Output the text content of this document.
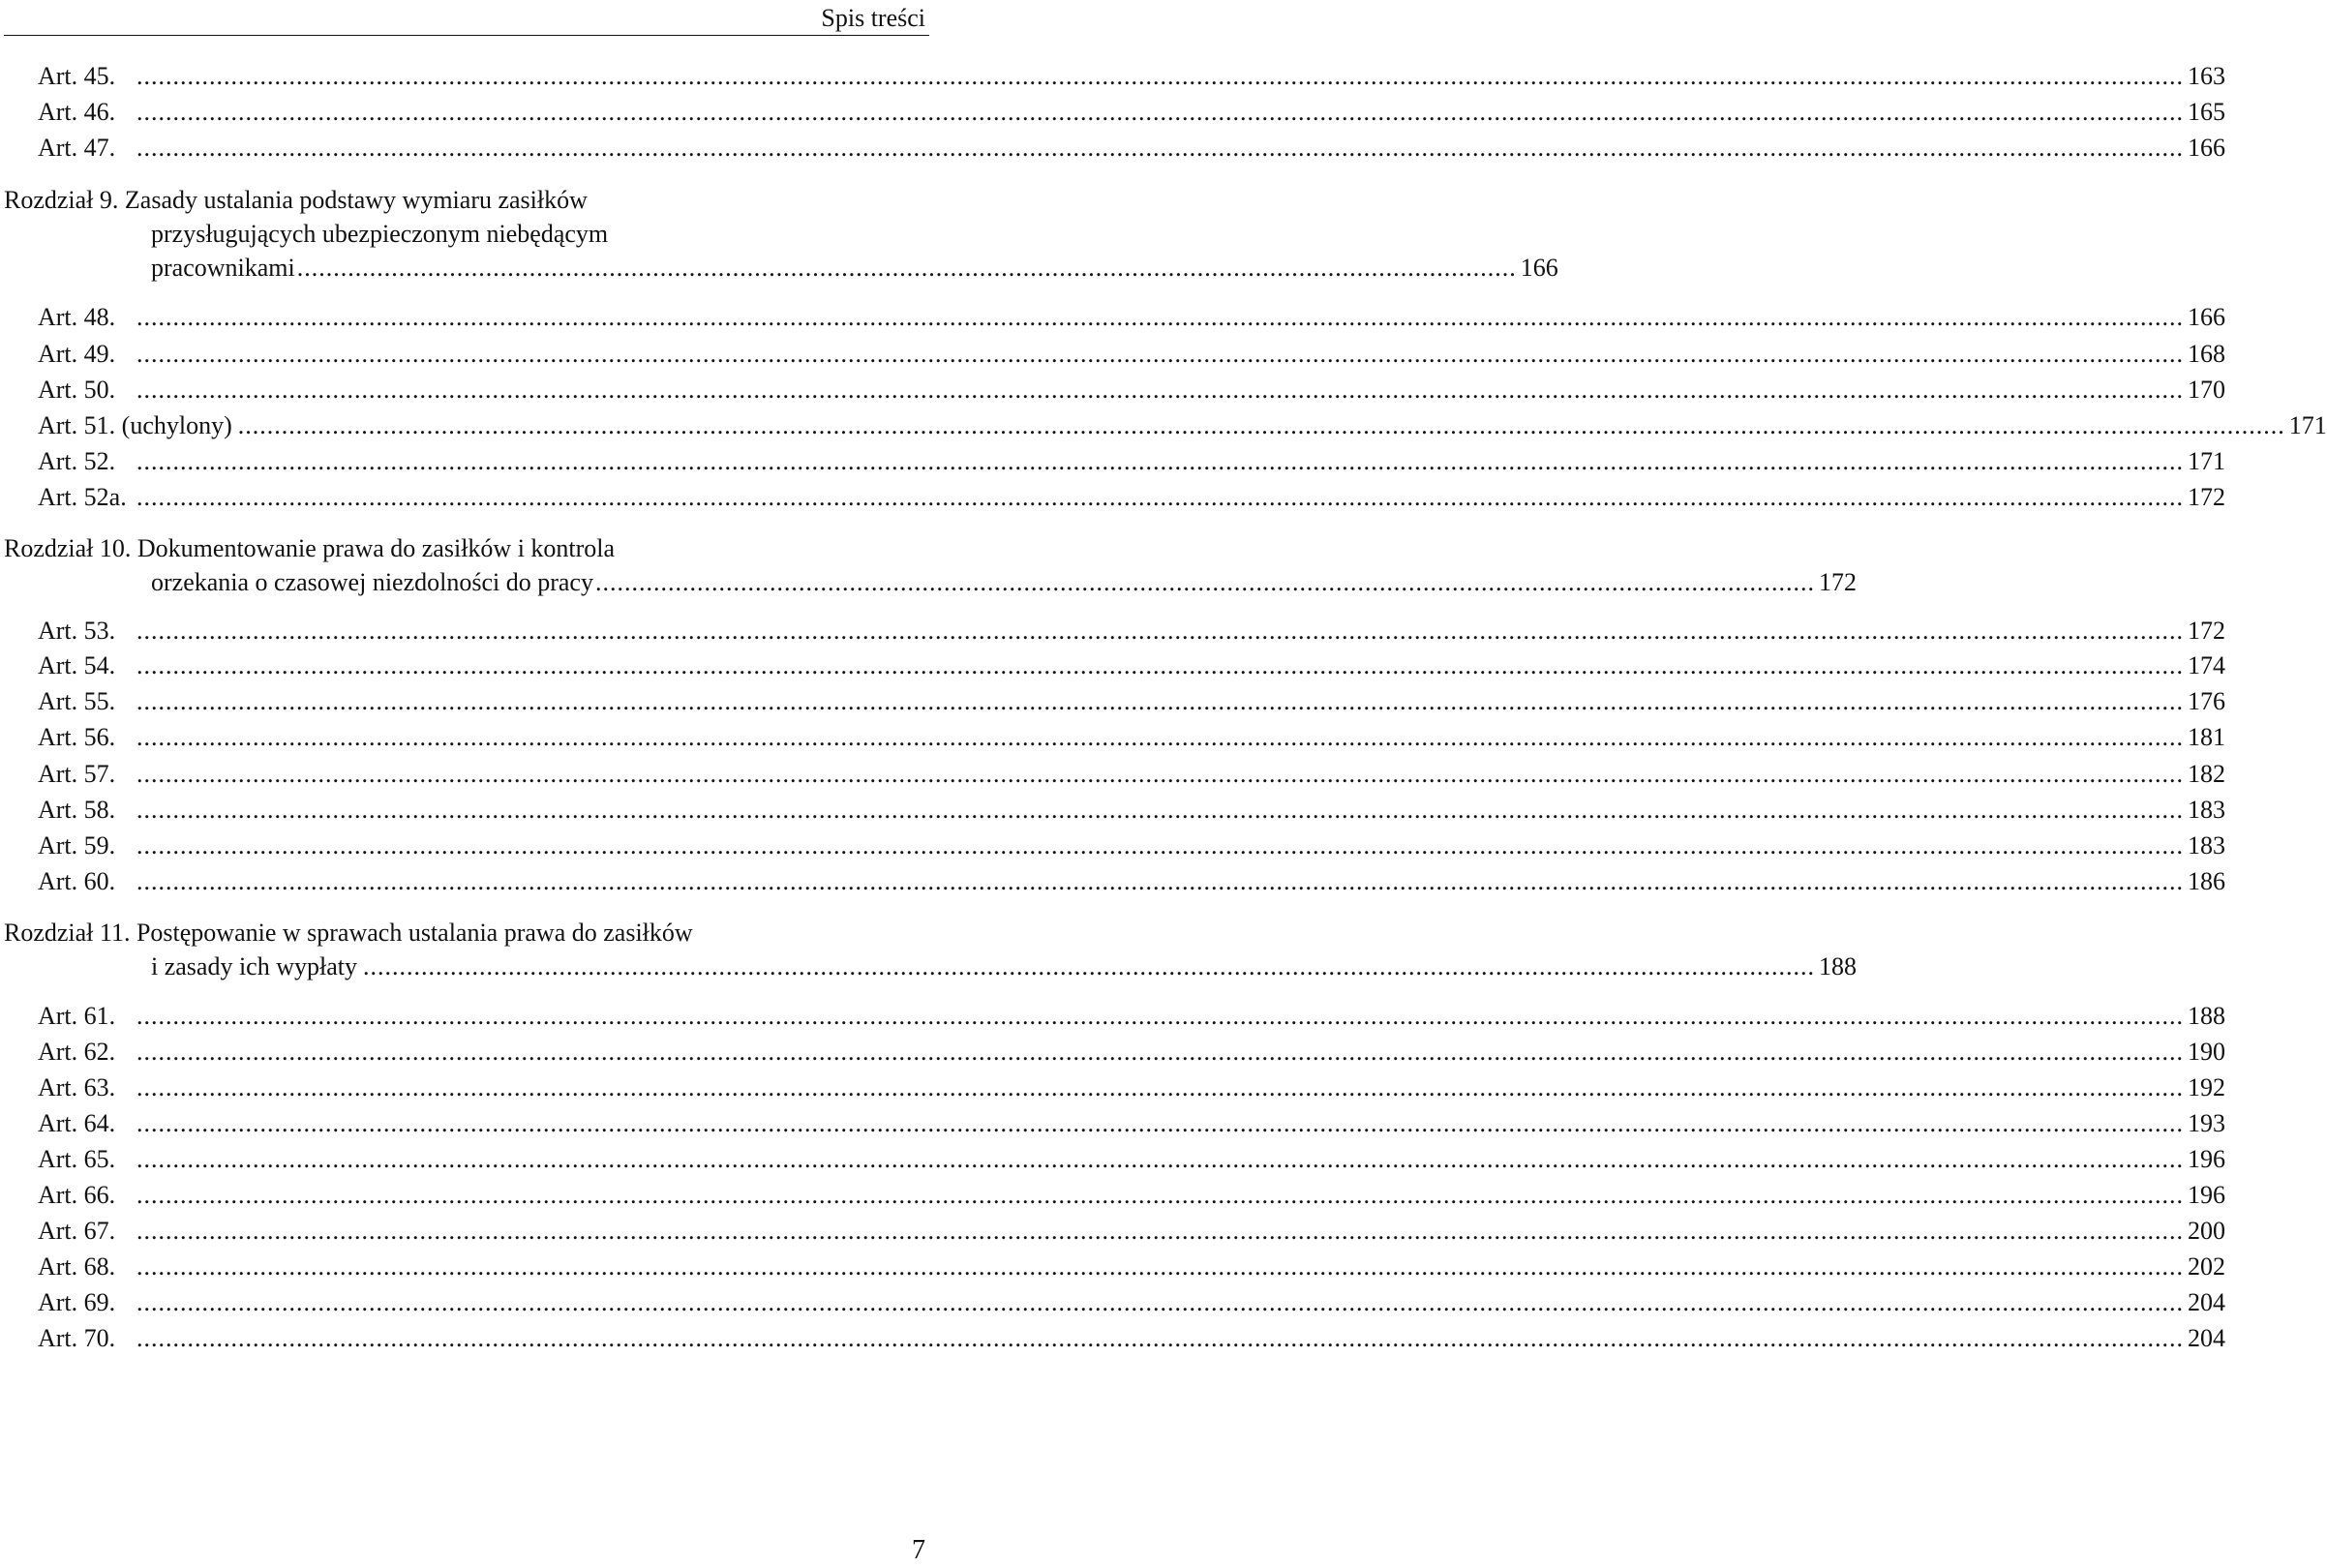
Spis treści
Art. 45. .....	163
Art. 46. .....	165
Art. 47. .....	166
Rozdział 9. Zasady ustalania podstawy wymiaru zasiłków
przysługujących ubezpieczonym niebędącym
pracownikami ........................................................................................................................................................................ 166
Art. 48. .....	166
Art. 49. .....	168
Art. 50. .....	170
Art. 51. (uchylony) .....	171
Art. 52. .....	171
Art. 52a. .....	172
Rozdział 10. Dokumentowanie prawa do zasiłków i kontrola
orzekania o czasowej niezdolności do pracy ........................................................................................................................................................................ 172
Art. 53. .....	172
Art. 54. .....	174
Art. 55. .....	176
Art. 56. .....	181
Art. 57. .....	182
Art. 58. .....	183
Art. 59. .....	183
Art. 60. .....	186
Rozdział 11. Postępowanie w sprawach ustalania prawa do zasiłków
i zasady ich wypłaty ........................................................................................................................................................................................................ 188
Art. 61. .....	188
Art. 62. .....	190
Art. 63. .....	192
Art. 64. .....	193
Art. 65. .....	196
Art. 66. .....	196
Art. 67. .....	200
Art. 68. .....	202
Art. 69. .....	204
Art. 70. .....	204
7
